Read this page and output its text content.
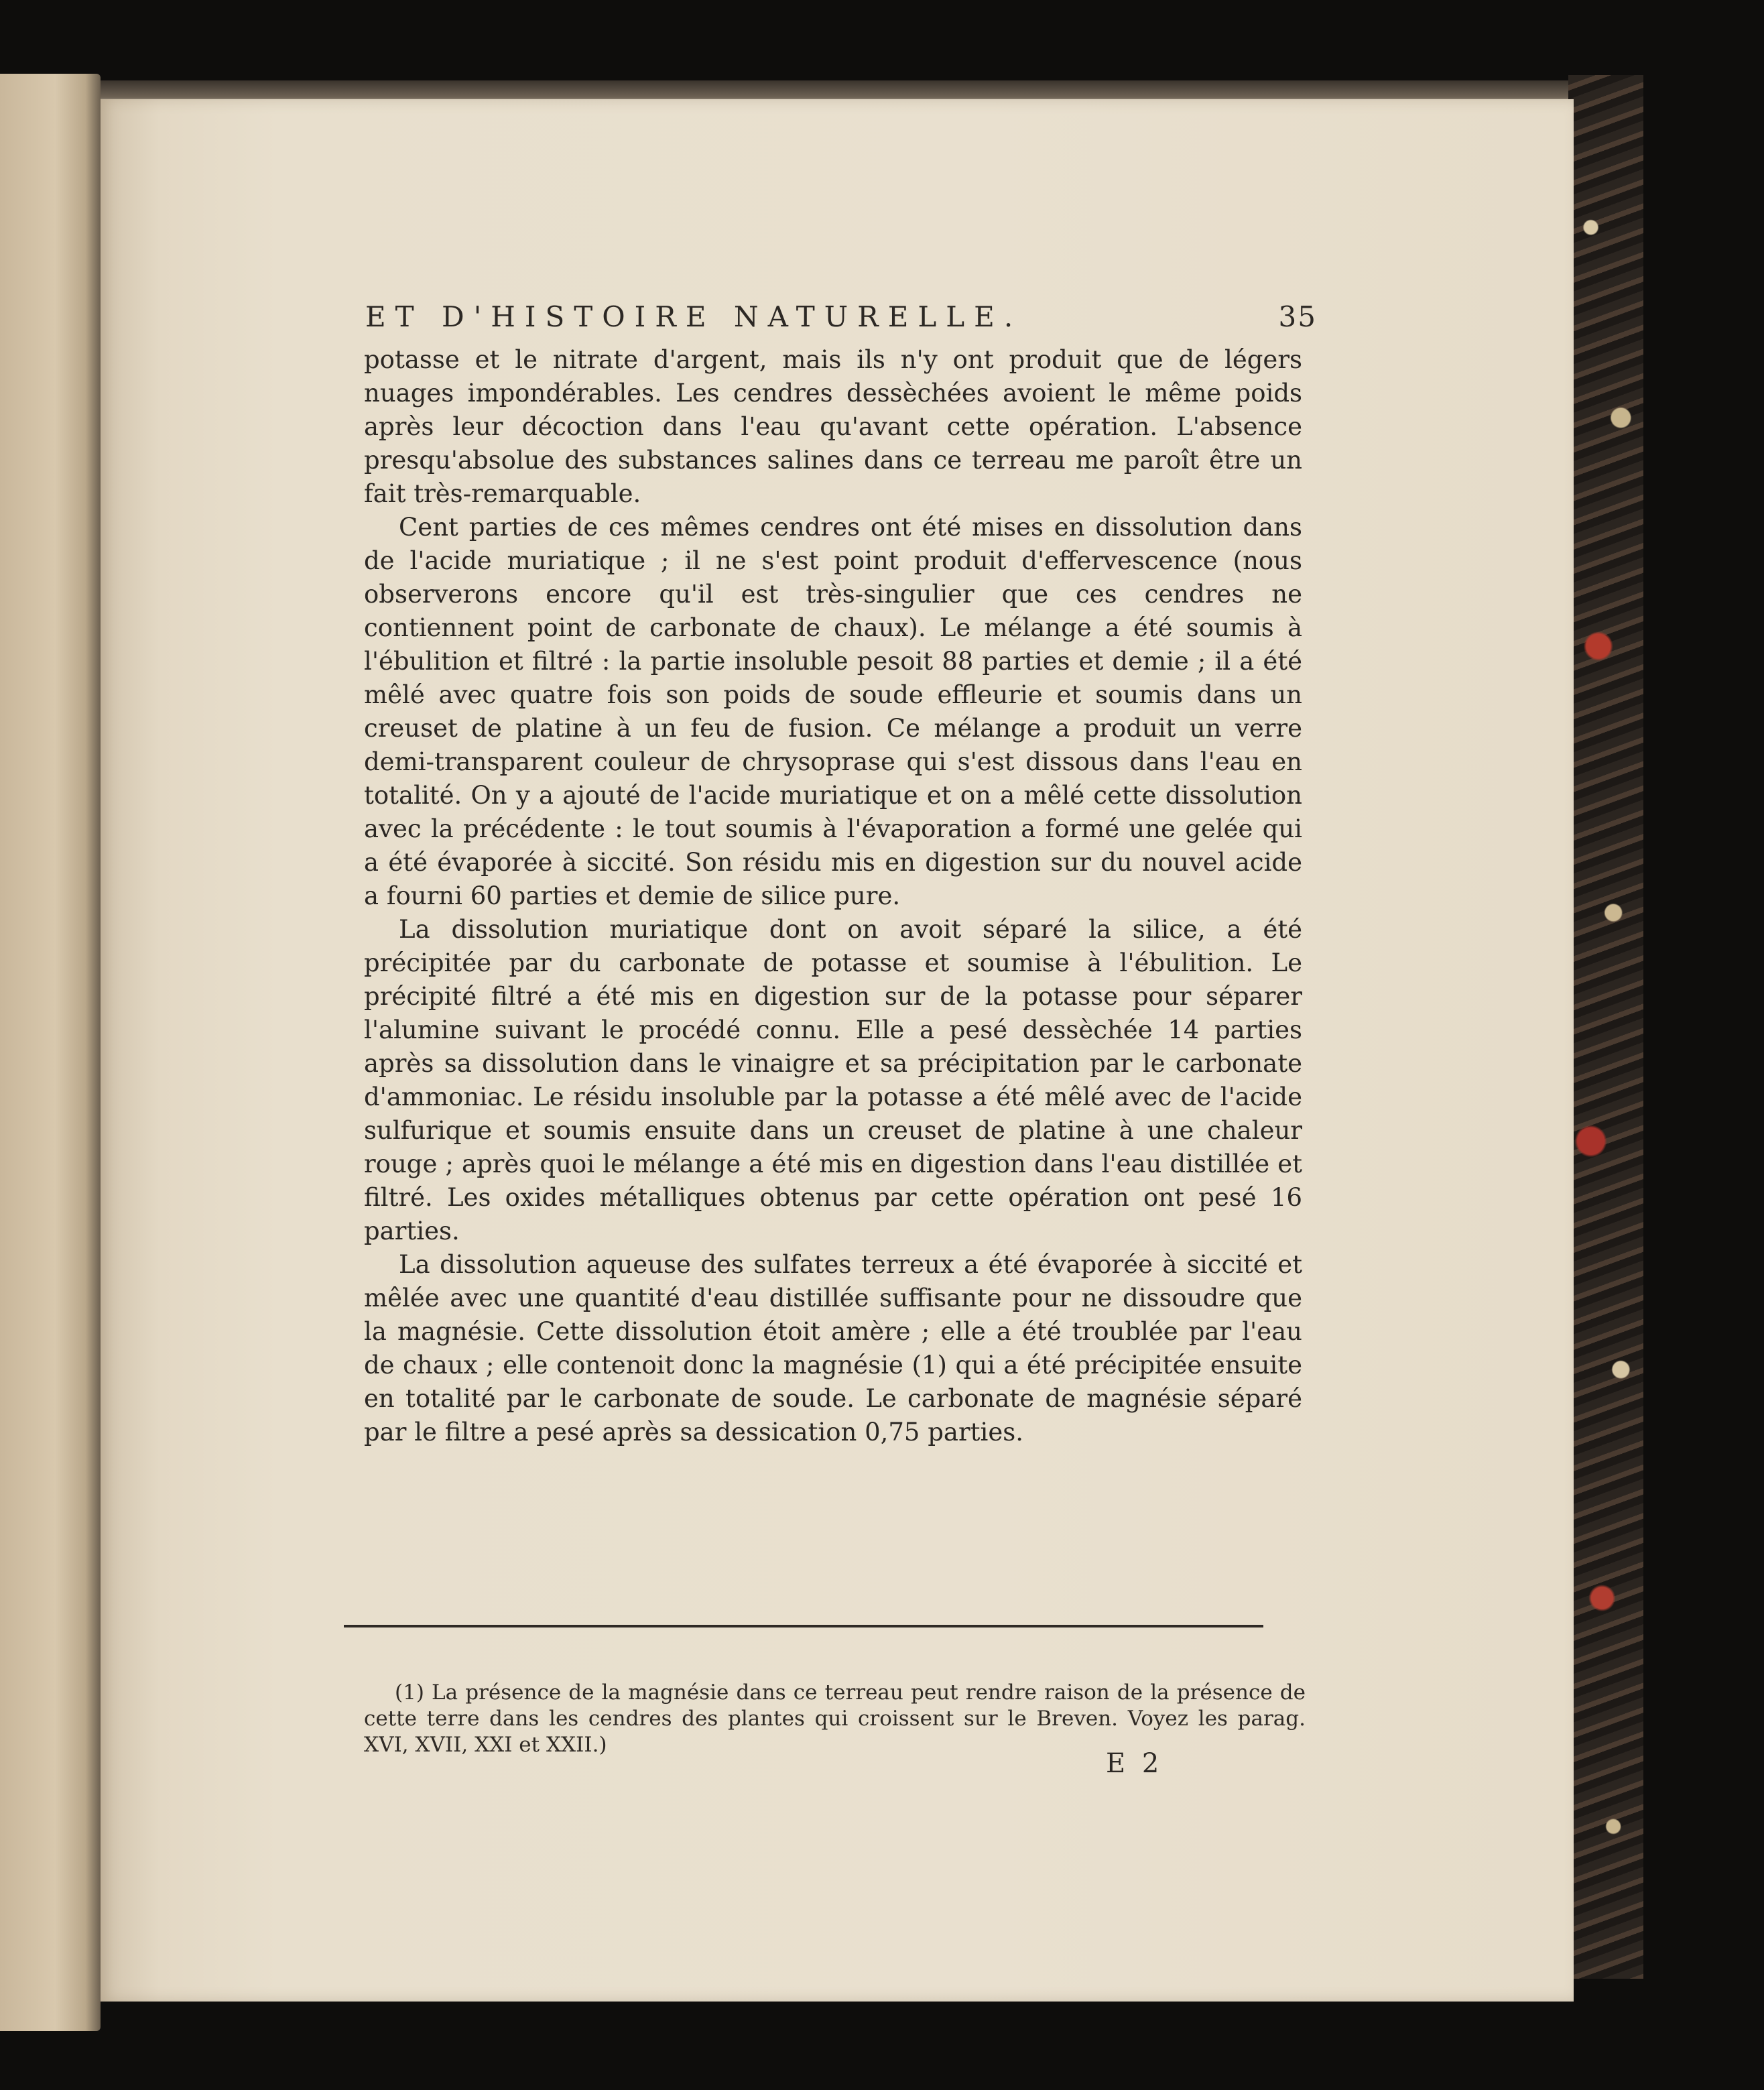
ET D'HISTOIRE NATURELLE.	35

potasse et le nitrate d'argent, mais ils n'y ont produit que de légers nuages impondérables. Les cendres dessèchées avoient le même poids après leur décoction dans l'eau qu'avant cette opération. L'absence presqu'absolue des substances salines dans ce terreau me paroît être un fait très-remarquable.

Cent parties de ces mêmes cendres ont été mises en dissolution dans de l'acide muriatique ; il ne s'est point produit d'effervescence (nous observerons encore qu'il est très-singulier que ces cendres ne contiennent point de carbonate de chaux). Le mélange a été soumis à l'ébulition et filtré : la partie insoluble pesoit 88 parties et demie ; il a été mêlé avec quatre fois son poids de soude effleurie et soumis dans un creuset de platine à un feu de fusion. Ce mélange a produit un verre demi-transparent couleur de chrysoprase qui s'est dissous dans l'eau en totalité. On y a ajouté de l'acide muriatique et on a mêlé cette dissolution avec la précédente : le tout soumis à l'évaporation a formé une gelée qui a été évaporée à siccité. Son résidu mis en digestion sur du nouvel acide a fourni 60 parties et demie de silice pure.

La dissolution muriatique dont on avoit séparé la silice, a été précipitée par du carbonate de potasse et soumise à l'ébulition. Le précipité filtré a été mis en digestion sur de la potasse pour séparer l'alumine suivant le procédé connu. Elle a pesé dessèchée 14 parties après sa dissolution dans le vinaigre et sa précipitation par le carbonate d'ammoniac. Le résidu insoluble par la potasse a été mêlé avec de l'acide sulfurique et soumis ensuite dans un creuset de platine à une chaleur rouge ; après quoi le mélange a été mis en digestion dans l'eau distillée et filtré. Les oxides métalliques obtenus par cette opération ont pesé 16 parties.

La dissolution aqueuse des sulfates terreux a été évaporée à siccité et mêlée avec une quantité d'eau distillée suffisante pour ne dissoudre que la magnésie. Cette dissolution étoit amère ; elle a été troublée par l'eau de chaux ; elle contenoit donc la magnésie (1) qui a été précipitée ensuite en totalité par le carbonate de soude. Le carbonate de magnésie séparé par le filtre a pesé après sa dessication 0,75 parties.

(1) La présence de la magnésie dans ce terreau peut rendre raison de la présence de cette terre dans les cendres des plantes qui croissent sur le Breven. Voyez les parag. XVI, XVII, XXI et XXII.)

E 2
